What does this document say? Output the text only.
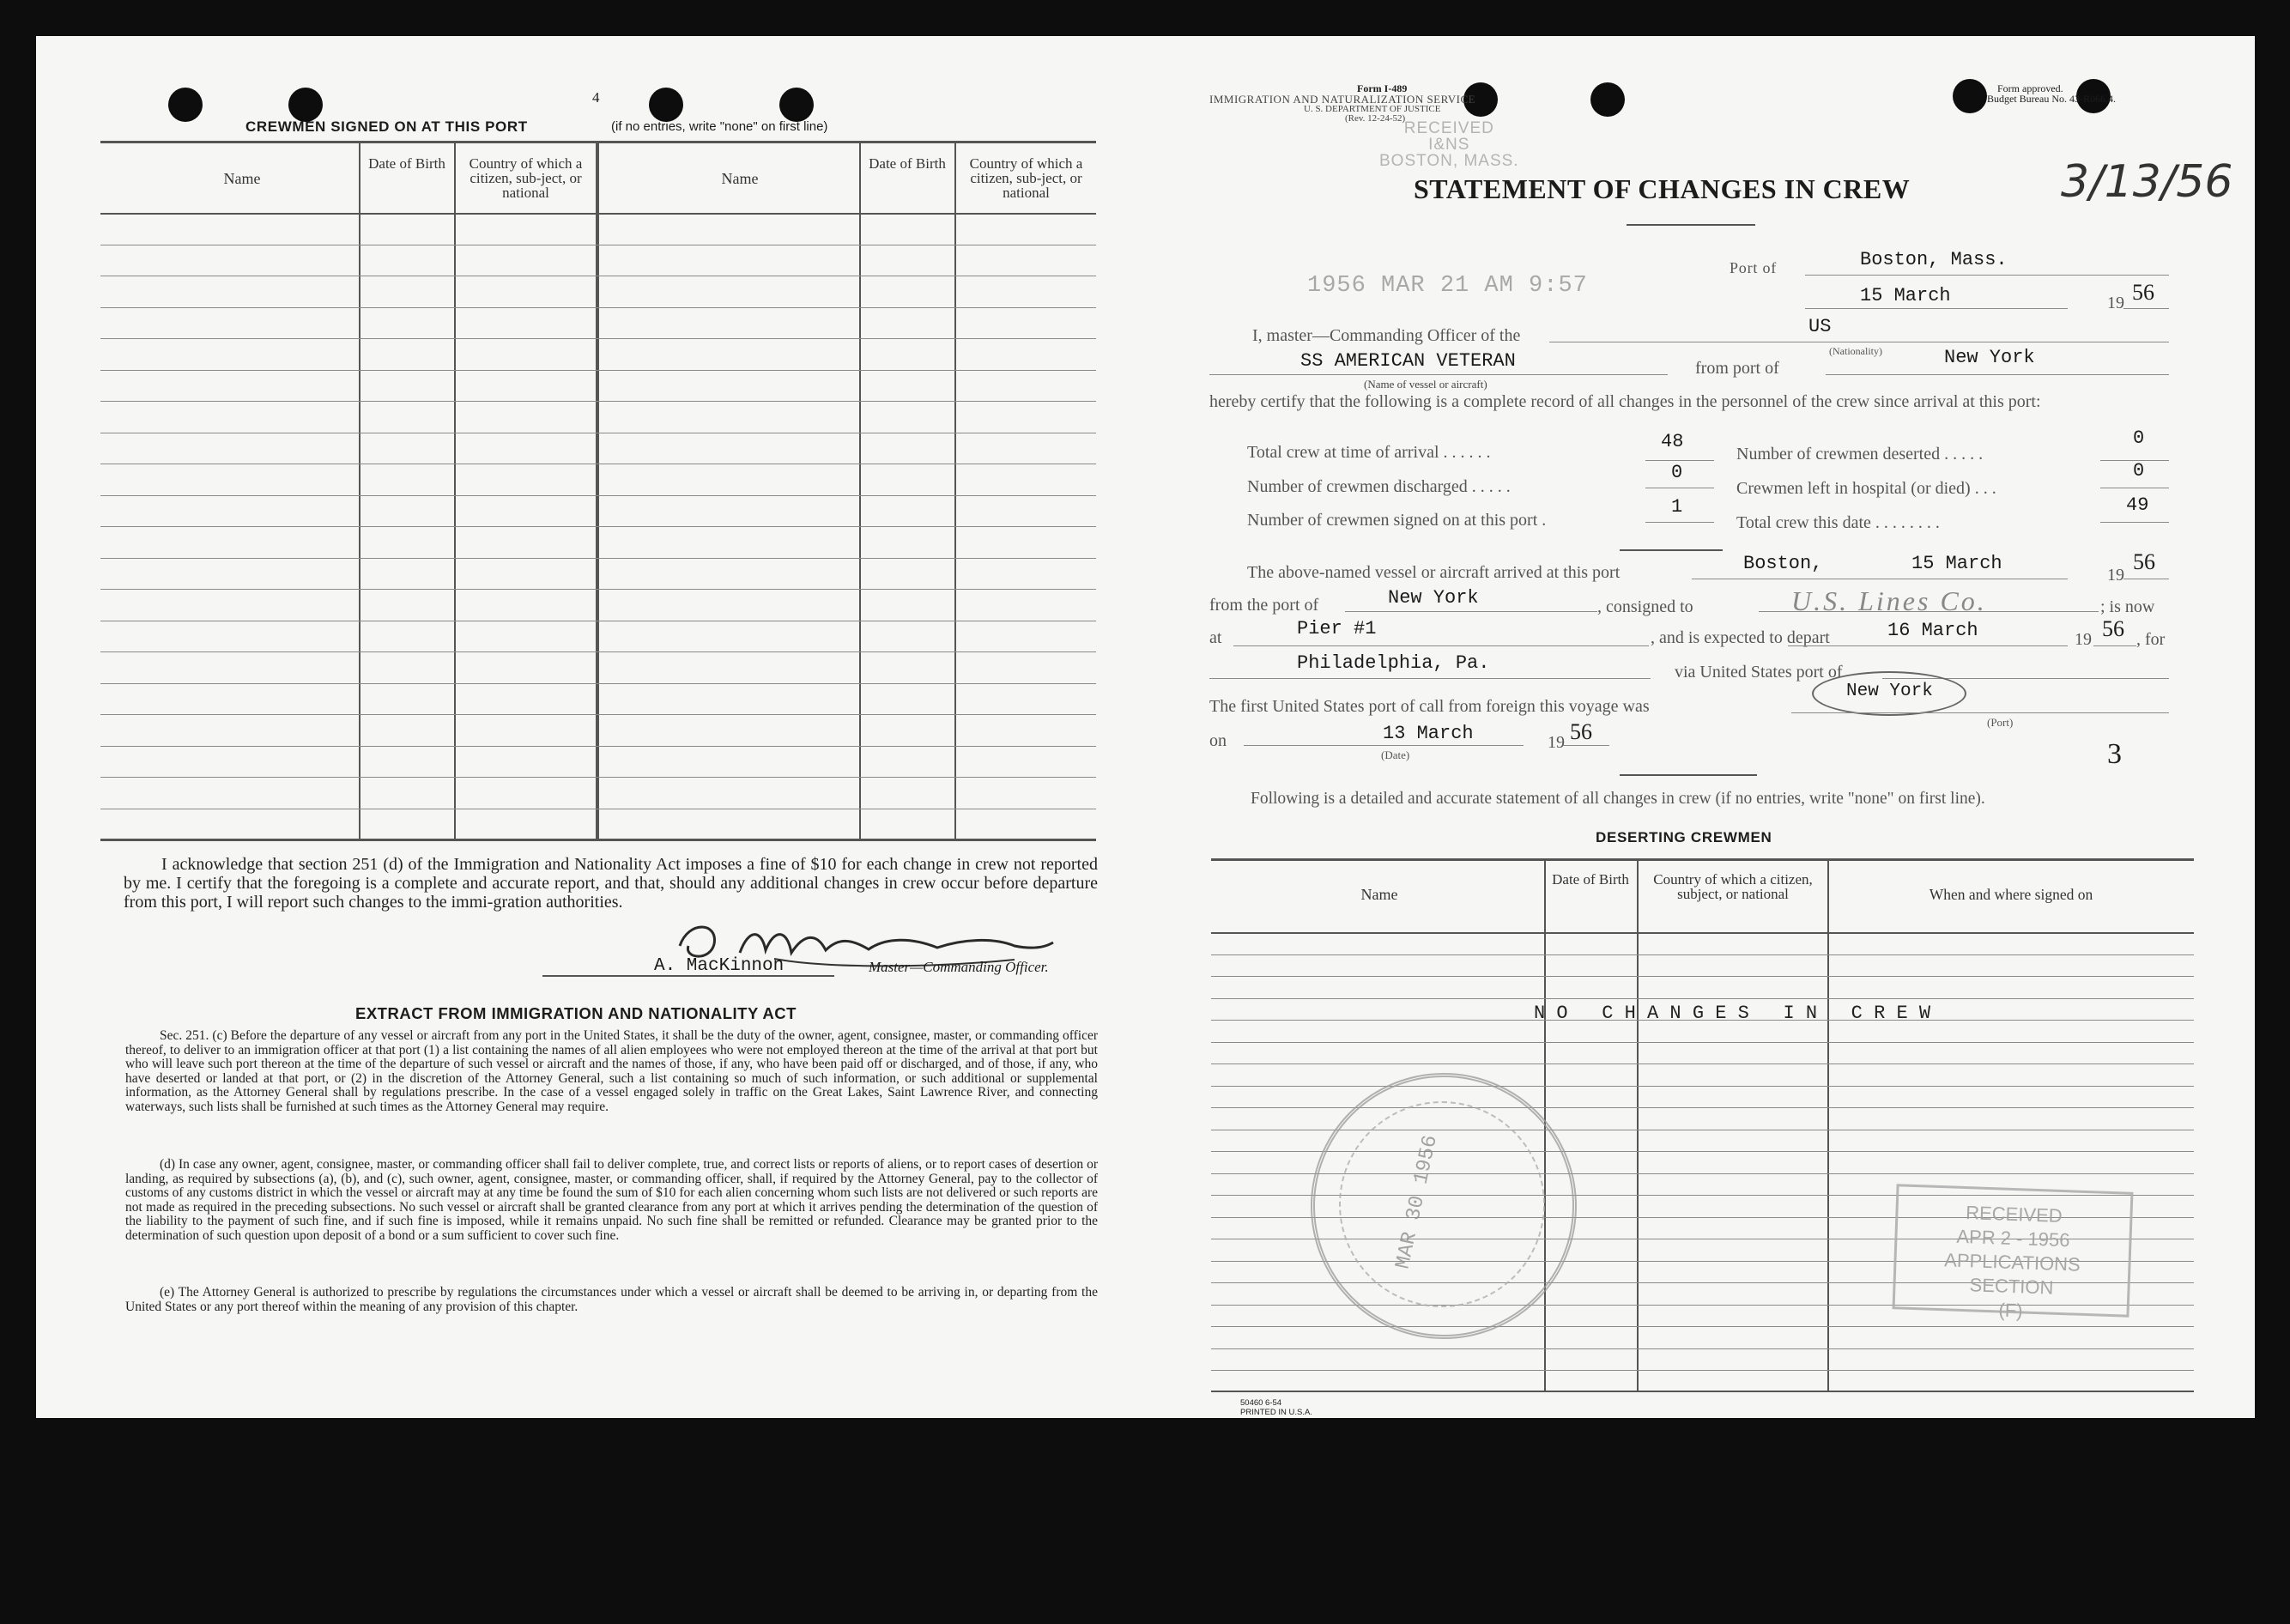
4
CREWMEN SIGNED ON AT THIS PORT	(if no entries, write "none" on first line)
Name
Date of Birth	Country of which a citizen, sub-ject, or national
Name
Date of Birth	Country of which a citizen, sub-ject, or national
I acknowledge that section 251 (d) of the Immigration and Nationality Act imposes a fine of $10 for each change in crew not reported by me. I certify that the foregoing is a complete and accurate report, and that, should any additional changes in crew occur before departure from this port, I will report such changes to the immi-gration authorities.
A. MacKinnon	Master—Commanding Officer.
EXTRACT FROM IMMIGRATION AND NATIONALITY ACT
Sec. 251. (c) Before the departure of any vessel or aircraft from any port in the United States, it shall be the duty of the owner, agent, consignee, master, or commanding officer thereof, to deliver to an immigration officer at that port (1) a list containing the names of all alien employees who were not employed thereon at the time of the arrival at that port but who will leave such port thereon at the time of the departure of such vessel or aircraft and the names of those, if any, who have been paid off or discharged, and of those, if any, who have deserted or landed at that port, or (2) in the discretion of the Attorney General, such a list containing so much of such information, or such additional or supplemental information, as the Attorney General shall by regulations prescribe. In the case of a vessel engaged solely in traffic on the Great Lakes, Saint Lawrence River, and connecting waterways, such lists shall be furnished at such times as the Attorney General may require.
(d) In case any owner, agent, consignee, master, or commanding officer shall fail to deliver complete, true, and correct lists or reports of aliens, or to report cases of desertion or landing, as required by subsections (a), (b), and (c), such owner, agent, consignee, master, or commanding officer, shall, if required by the Attorney General, pay to the collector of customs of any customs district in which the vessel or aircraft may at any time be found the sum of $10 for each alien concerning whom such lists are not delivered or such reports are not made as required in the preceding subsections. No such vessel or aircraft shall be granted clearance from any port at which it arrives pending the determination of the question of the liability to the payment of such fine, and if such fine is imposed, while it remains unpaid. No such fine shall be remitted or refunded. Clearance may be granted prior to the determination of such question upon deposit of a bond or a sum sufficient to cover such fine.
(e) The Attorney General is authorized to prescribe by regulations the circumstances under which a vessel or aircraft shall be deemed to be arriving in, or departing from the United States or any port thereof within the meaning of any provision of this chapter.
Form I-489
IMMIGRATION AND NATURALIZATION SERVICE
U. S. DEPARTMENT OF JUSTICE
(Rev. 12-24-52)
Form approved.
Budget Bureau No. 43-R066.4.
RECEIVED
I&NS
BOSTON, MASS.
STATEMENT OF CHANGES IN CREW	3/13/56
1956 MAR 21 AM 9:57
Port of	Boston, Mass.
15 March	19 56
I, master—Commanding Officer of the	US
(Nationality)
SS AMERICAN VETERAN
(Name of vessel or aircraft)
from port of	New York
hereby certify that the following is a complete record of all changes in the personnel of the crew since arrival at this port:
Total crew at time of arrival . . . . . .	48
Number of crewmen discharged . . . . .
0
Number of crewmen signed on at this port .
1
Number of crewmen deserted . . . . .
0
Crewmen left in hospital (or died) . . .
0
Total crew this date . . . . . . . .
49
The above-named vessel or aircraft arrived at this port	Boston,	15 March
19
56
from the port of	New York	, consigned to	U.S. Lines Co.	; is now
at	Pier #1	, and is expected to depart	16 March	19 56 , for
Philadelphia, Pa.	via United States port of
The first United States port of call from foreign this voyage was
New York
(Port)
on	13 March	19 56
(Date)	3
Following is a detailed and accurate statement of all changes in crew (if no entries, write "none" on first line).
DESERTING CREWMEN
Name
Date of Birth	Country of which a citizen, subject, or national	When and where signed on
N O   C H A N G E S   I N   C R E W
MAR 30 1956	RECEIVED
APR 2 - 1956
APPLICATIONS SECTION
(F)
50460 6-54
PRINTED IN U.S.A.
